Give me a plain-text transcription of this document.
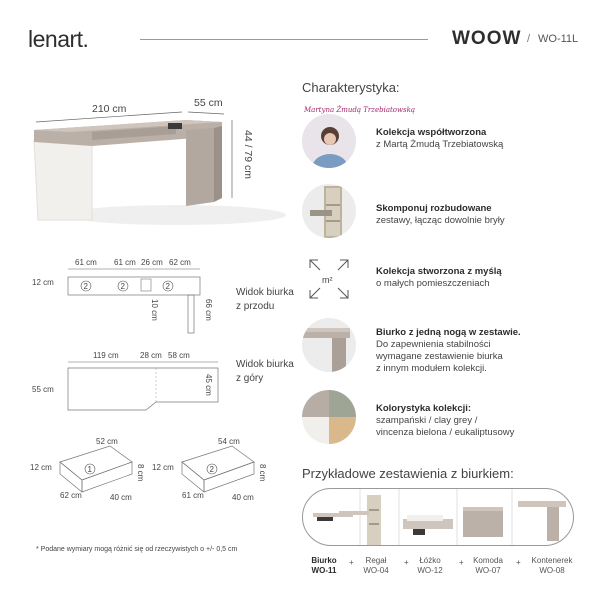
lenart.	WOOW / WO-11L
210 cm	55 cm
44 / 79 cm
61 cm 61 cm 26 cm 62 cm
2	2	2
12 cm
10 cm	66 cm
Widok biurka z przodu
119 cm	28 cm 58 cm
55 cm	45 cm
Widok biurka z góry
1
52 cm
12 cm	8 cm
62 cm	40 cm
2
54 cm
12 cm	8 cm
61 cm	40 cm
* Podane wymiary mogą różnić się od rzeczywistych o +/- 0,5 cm
Charakterystyka:
Martyna Żmudą Trzebiatowską
Kolekcja współtworzona
z Martą Żmudą Trzebiatowską
Skomponuj rozbudowane
zestawy, łącząc dowolnie bryły
m²
Kolekcja stworzona z myślą
o małych pomieszczeniach
Biurko z jedną nogą w zestawie.
Do zapewnienia stabilności
wymagane zestawienie biurka
z innym modułem kolekcji.
Kolorystyka kolekcji:
szampański / clay grey /
vincenza bielona / eukaliptusowy
Przykładowe zestawienia z biurkiem:
Biurko
WO-11
+	Regał
WO-04
+	Łóżko
WO-12
+	Komoda
WO-07
+	Kontenerek
WO-08
